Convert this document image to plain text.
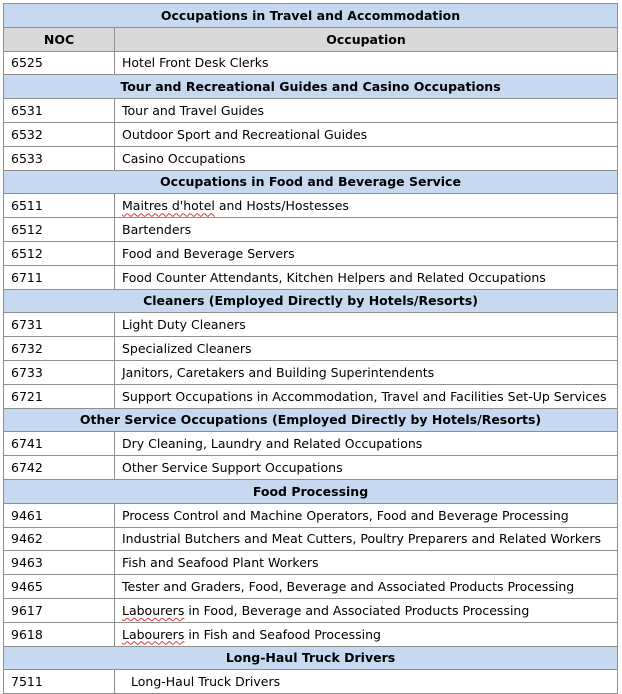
Occupations in Travel and Accommodation	
NOC	Occupation
6525	Hotel Front Desk Clerks
Tour and Recreational Guides and Casino Occupations	
6531	Tour and Travel Guides
6532	Outdoor Sport and Recreational Guides
6533	Casino Occupations
Occupations in Food and Beverage Service	
6511	Maitres d'hotel and Hosts/Hostesses
6512	Bartenders
6512	Food and Beverage Servers
6711	Food Counter Attendants, Kitchen Helpers and Related Occupations
Cleaners (Employed Directly by Hotels/Resorts)	
6731	Light Duty Cleaners
6732	Specialized Cleaners
6733	Janitors, Caretakers and Building Superintendents
6721	Support Occupations in Accommodation, Travel and Facilities Set-Up Services
Other Service Occupations (Employed Directly by Hotels/Resorts)	
6741	Dry Cleaning, Laundry and Related Occupations
6742	Other Service Support Occupations
Food Processing	
9461	Process Control and Machine Operators, Food and Beverage Processing
9462	Industrial Butchers and Meat Cutters, Poultry Preparers and Related Workers
9463	Fish and Seafood Plant Workers
9465	Tester and Graders, Food, Beverage and Associated Products Processing
9617	Labourers in Food, Beverage and Associated Products Processing
9618	Labourers in Fish and Seafood Processing
Long-Haul Truck Drivers	
7511	Long-Haul Truck Drivers
